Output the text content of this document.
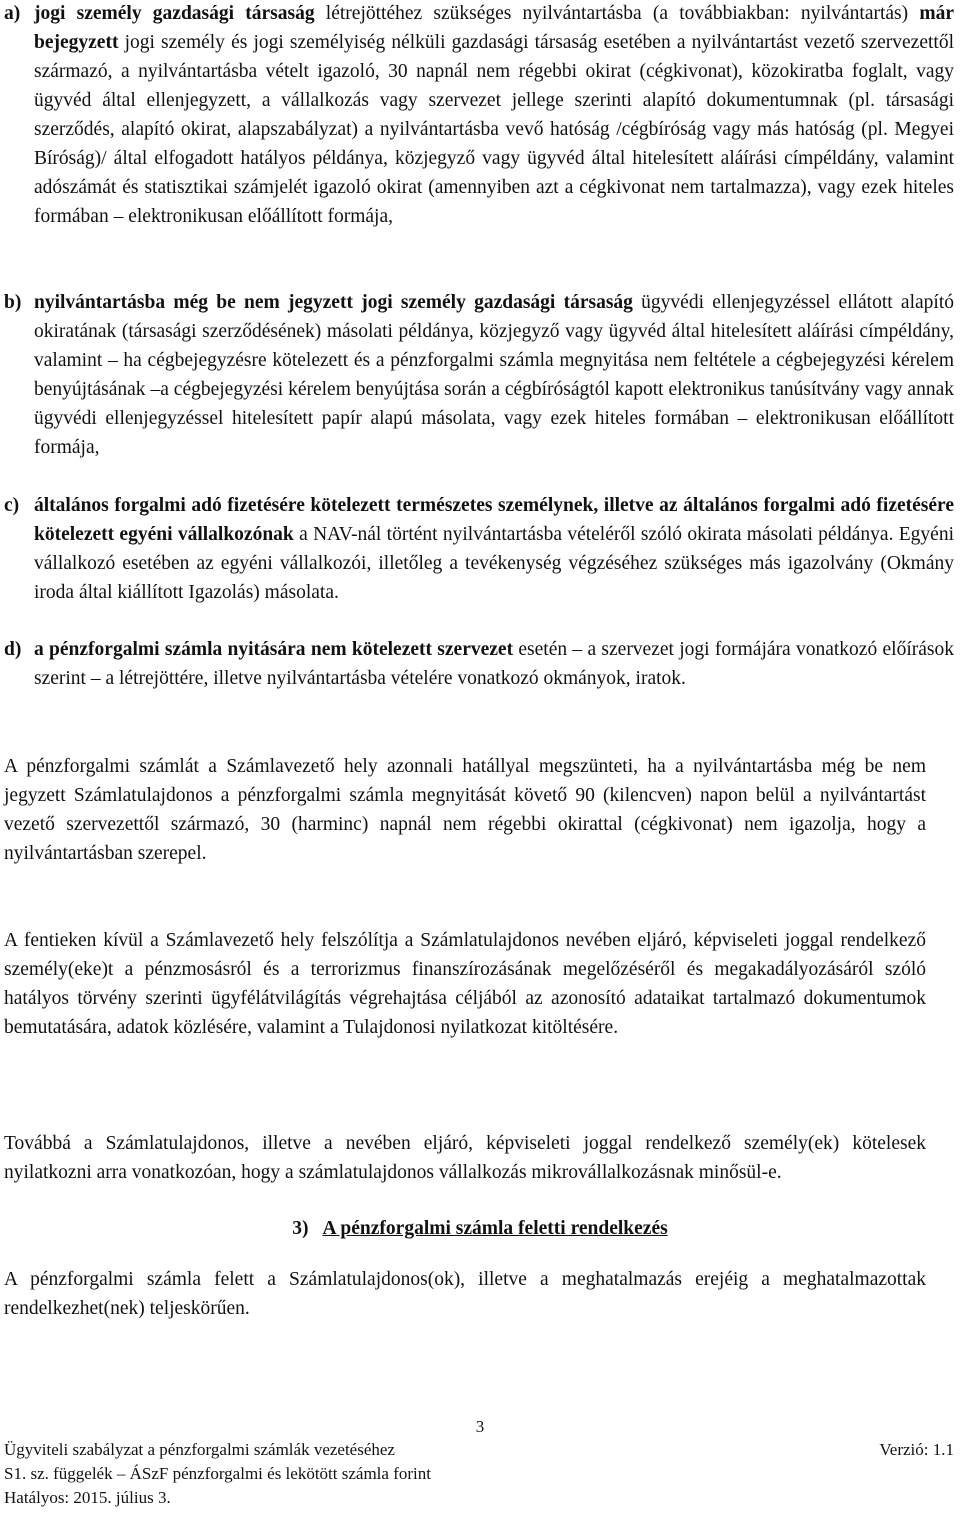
a) jogi személy gazdasági társaság létrejöttéhez szükséges nyilvántartásba (a továbbiakban: nyilvántartás) már bejegyzett jogi személy és jogi személyiség nélküli gazdasági társaság esetében a nyilvántartást vezető szervezettől származó, a nyilvántartásba vételt igazoló, 30 napnál nem régebbi okirat (cégkivonat), közokiratba foglalt, vagy ügyvéd által ellenjegyzett, a vállalkozás vagy szervezet jellege szerinti alapító dokumentumnak (pl. társasági szerződés, alapító okirat, alapszabályzat) a nyilvántartásba vevő hatóság /cégbíróság vagy más hatóság (pl. Megyei Bíróság)/ által elfogadott hatályos példánya, közjegyző vagy ügyvéd által hitelesített aláírási címpéldány, valamint adószámát és statisztikai számjelét igazoló okirat (amennyiben azt a cégkivonat nem tartalmazza), vagy ezek hiteles formában – elektronikusan előállított formája,
b) nyilvántartásba még be nem jegyzett jogi személy gazdasági társaság ügyvédi ellenjegyzéssel ellátott alapító okiratának (társasági szerződésének) másolati példánya, közjegyző vagy ügyvéd által hitelesített aláírási címpéldány, valamint – ha cégbejegyzésre kötelezett és a pénzforgalmi számla megnyitása nem feltétele a cégbejegyzési kérelem benyújtásának –a cégbejegyzési kérelem benyújtása során a cégbíróságtól kapott elektronikus tanúsítvány vagy annak ügyvédi ellenjegyzéssel hitelesített papír alapú másolata, vagy ezek hiteles formában – elektronikusan előállított formája,
c) általános forgalmi adó fizetésére kötelezett természetes személynek, illetve az általános forgalmi adó fizetésére kötelezett egyéni vállalkozónak a NAV-nál történt nyilvántartásba vételéről szóló okirata másolati példánya. Egyéni vállalkozó esetében az egyéni vállalkozói, illetőleg a tevékenység végzéséhez szükséges más igazolvány (Okmány iroda által kiállított Igazolás) másolata.
d) a pénzforgalmi számla nyitására nem kötelezett szervezet esetén – a szervezet jogi formájára vonatkozó előírások szerint – a létrejöttére, illetve nyilvántartásba vételére vonatkozó okmányok, iratok.
A pénzforgalmi számlát a Számlavezető hely azonnali hatállyal megszünteti, ha a nyilvántartásba még be nem jegyzett Számlatulajdonos a pénzforgalmi számla megnyitását követő 90 (kilencven) napon belül a nyilvántartást vezető szervezettől származó, 30 (harminc) napnál nem régebbi okirattal (cégkivonat) nem igazolja, hogy a nyilvántartásban szerepel.
A fentieken kívül a Számlavezető hely felszólítja a Számlatulajdonos nevében eljáró, képviseleti joggal rendelkező személy(eke)t a pénzmosásról és a terrorizmus finanszírozásának megelőzéséről és megakadályozásáról szóló hatályos törvény szerinti ügyfélátvilágítás végrehajtása céljából az azonosító adataikat tartalmazó dokumentumok bemutatására, adatok közlésére, valamint a Tulajdonosi nyilatkozat kitöltésére.
Továbbá a Számlatulajdonos, illetve a nevében eljáró, képviseleti joggal rendelkező személy(ek) kötelesek nyilatkozni arra vonatkozóan, hogy a számlatulajdonos vállalkozás mikrovállalkozásnak minősül-e.
3) A pénzforgalmi számla feletti rendelkezés
A pénzforgalmi számla felett a Számlatulajdonos(ok), illetve a meghatalmazás erejéig a meghatalmazottak rendelkezhet(nek) teljeskörűen.
3
Ügyviteli szabályzat a pénzforgalmi számlák vezetéséhez	Verzió: 1.1
S1. sz. függelék – ÁSzF pénzforgalmi és lekötött számla forint
Hatályos: 2015. július 3.
